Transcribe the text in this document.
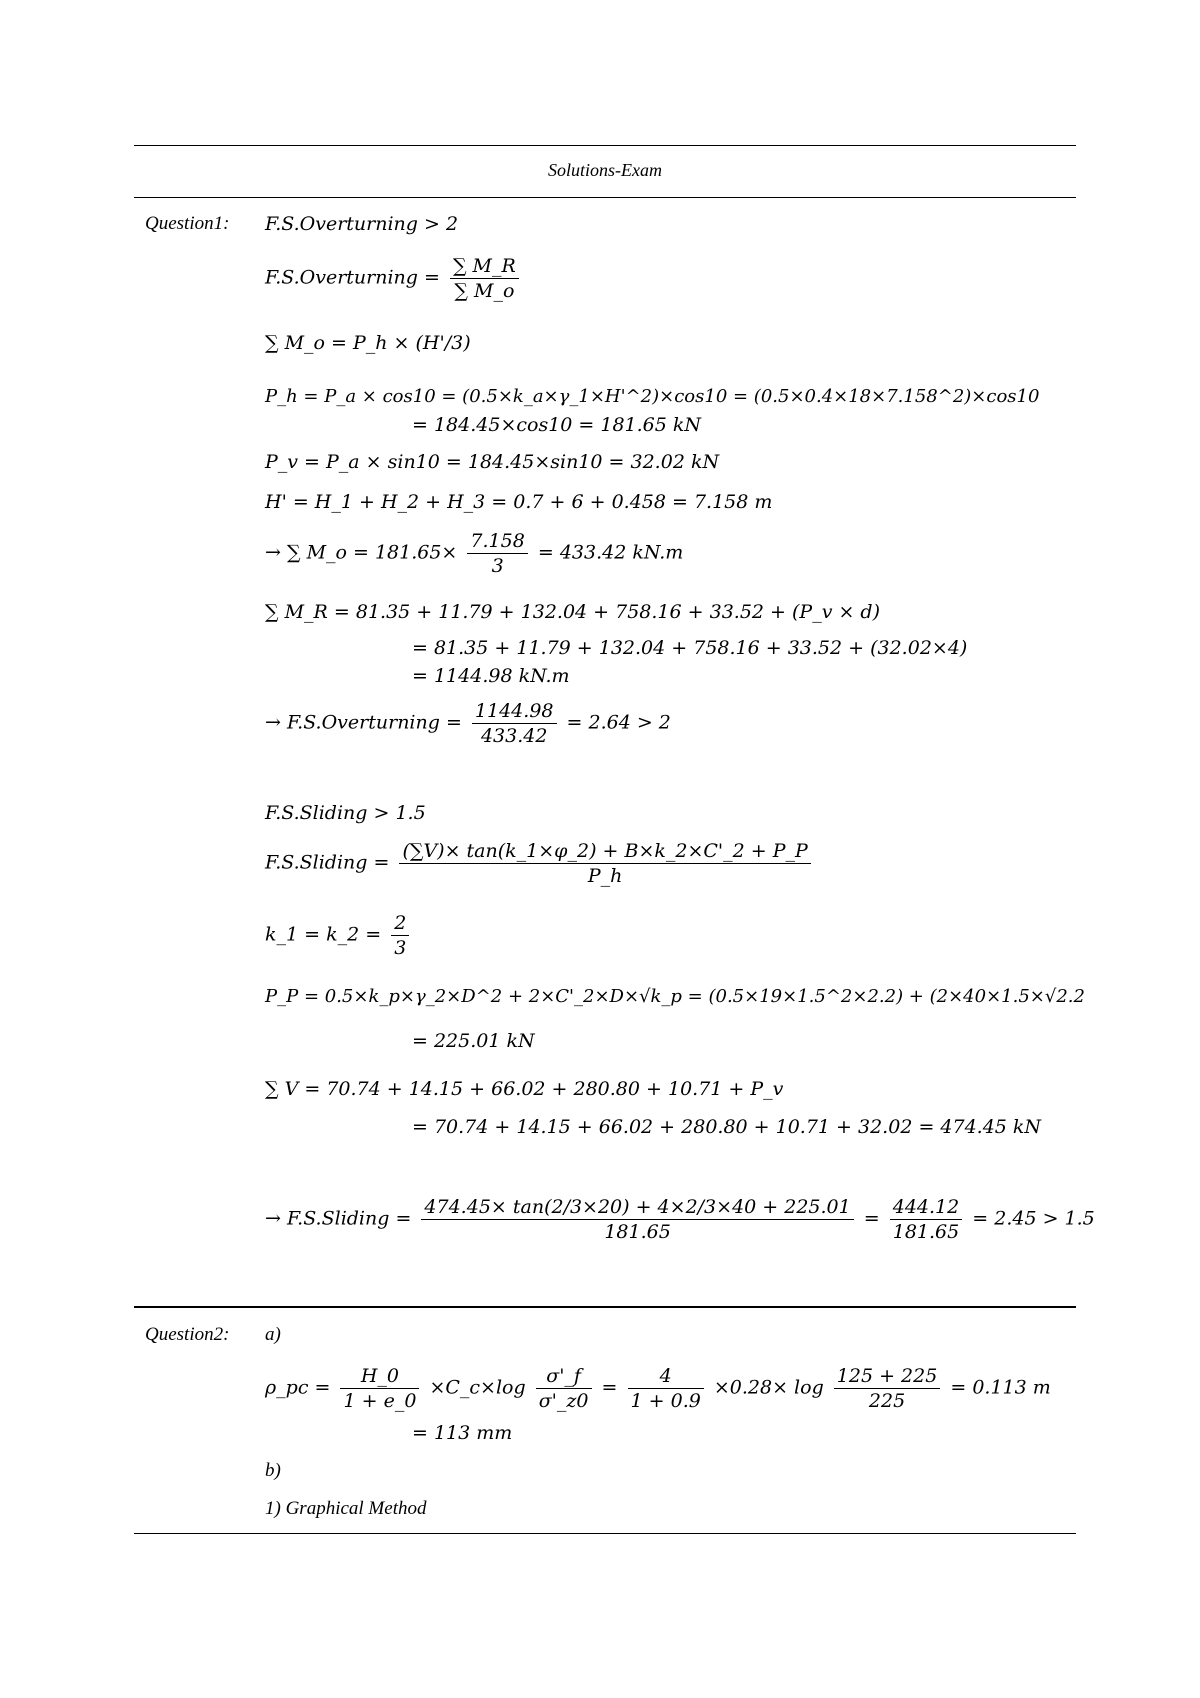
Solutions-Exam
Question1: F.S.Overturning > 2
F.S.Overturning = $\frac{\sum M\_R}{\sum M\_o}$
∑ M_o = P_h × (H'/3)
P_h = P_a × cos10 = (0.5×k_a×γ_1×H'^2)×cos10 = (0.5×0.4×18×7.158^2)×cos10
= 184.45×cos10 = 181.65 kN
P_v = P_a × sin10 = 184.45×sin10 = 32.02 kN
H' = H_1 + H_2 + H_3 = 0.7 + 6 + 0.458 = 7.158 m
→ ∑ M_o = $181.65\times \frac{7.158}{3} = 433.42$ kN.m
∑ M_R = 81.35 + 11.79 + 132.04 + 758.16 + 33.52 + (P_v × d)
= 81.35 + 11.79 + 132.04 + 758.16 + 33.52 + (32.02×4)
= 1144.98 kN.m
→ F.S.Overturning = $\frac{1144.98}{433.42} = 2.64 > 2$
F.S.Sliding > 1.5
F.S.Sliding = $\frac{(\sum V)\times \tan(k\_1\times\varphi\_2) + B\times k\_2\times C'\_2 + P\_P}{P\_h}$
k_1 = k_2 = $\frac{2}{3}$
P_P = 0.5×k_p×γ_2×D^2 + 2×C'_2×D×√k_p = (0.5×19×1.5^2×2.2) + (2×40×1.5×√2.2
= 225.01 kN
∑ V = 70.74 + 14.15 + 66.02 + 280.80 + 10.71 + P_v
= 70.74 + 14.15 + 66.02 + 280.80 + 10.71 + 32.02 = 474.45 kN
→ F.S.Sliding = $\frac{474.45\times \tan(2/3\times 20) + 4\times 2/3\times 40 + 225.01}{181.65} = \frac{444.12}{181.65} = 2.45 > 1.5$
Question2: a)
ρ_pc = $\frac{H\_0}{1 + e\_0}$ ×C_c×log $\frac{\sigma'\_f}{\sigma'\_z0} = \frac{4}{1 + 0.9} \times 0.28\times \log \frac{125 + 225}{225} = 0.113$ m
= 113 mm
b)
1) Graphical Method
